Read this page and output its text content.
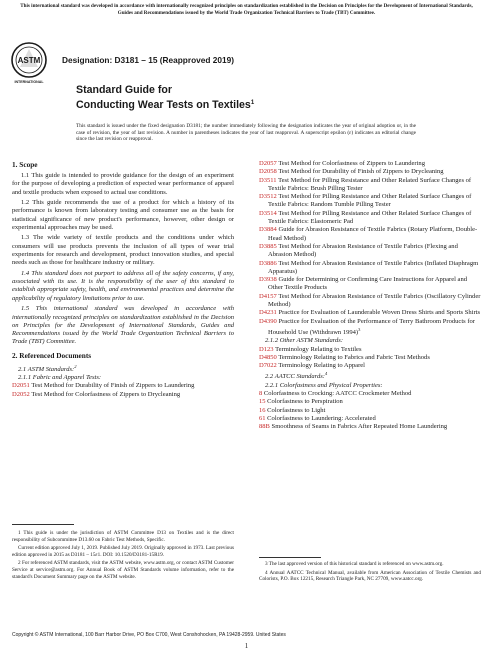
This international standard was developed in accordance with internationally recognized principles on standardization established in the Decision on Principles for the Development of International Standards, Guides and Recommendations issued by the World Trade Organization Technical Barriers to Trade (TBT) Committee.
ASTM
INTERNATIONAL
Designation: D3181 – 15 (Reapproved 2019)
Standard Guide for
Conducting Wear Tests on Textiles$^1$
This standard is issued under the fixed designation D3181; the number immediately following the designation indicates the year of original adoption or, in the case of revision, the year of last revision. A number in parentheses indicates the year of last reapproval. A superscript epsilon (ε) indicates an editorial change since the last revision or reapproval.
1. Scope

1.1 This guide is intended to provide guidance for the design of an experiment for the purpose of developing a prediction of expected wear performance of apparel and textile products when exposed to actual use conditions.

1.2 This guide recommends the use of a product for which a history of its performance is known from laboratory testing and consumer use as the basis for statistical significance of new product's performance, however, other design or experimental approaches may be used.

1.3 The wide variety of textile products and the conditions under which consumers will use products prevents the inclusion of all types of wear trial experiments for research and development, product innovation studies, and special needs such as those for healthcare industry or military.

1.4 This standard does not purport to address all of the safety concerns, if any, associated with its use. It is the responsibility of the user of this standard to establish appropriate safety, health, and environmental practices and determine the applicability of regulatory limitations prior to use.

1.5 This international standard was developed in accordance with internationally recognized principles on standardization established in the Decision on Principles for the Development of International Standards, Guides and Recommendations issued by the World Trade Organization Technical Barriers to Trade (TBT) Committee.

2. Referenced Documents
2.1 ASTM Standards:$^2$
2.1.1 Fabric and Apparel Tests:
D2051 Test Method for Durability of Finish of Zippers to Laundering
D2052 Test Method for Colorfastness of Zippers to Drycleaning

1 This guide is under the jurisdiction of ASTM Committee D13 on Textiles and is the direct responsibility of Subcommittee D13.60 on Fabric Test Methods, Specific.

Current edition approved July 1, 2019. Published July 2019. Originally approved in 1973. Last previous edition approved in 2015 as D3181 – 15ε1. DOI: 10.1520/D3181-15R19.

2 For referenced ASTM standards, visit the ASTM website, www.astm.org, or contact ASTM Customer Service at service@astm.org. For Annual Book of ASTM Standards volume information, refer to the standard's Document Summary page on the ASTM website.

D2057 Test Method for Colorfastness of Zippers to Laundering
D2058 Test Method for Durability of Finish of Zippers to Drycleaning
D3511 Test Method for Pilling Resistance and Other Related Surface Changes of Textile Fabrics: Brush Pilling Tester
D3512 Test Method for Pilling Resistance and Other Related Surface Changes of Textile Fabrics: Random Tumble Pilling Tester
D3514 Test Method for Pilling Resistance and Other Related Surface Changes of Textile Fabrics: Elastomeric Pad
D3884 Guide for Abrasion Resistance of Textile Fabrics (Rotary Platform, Double-Head Method)
D3885 Test Method for Abrasion Resistance of Textile Fabrics (Flexing and Abrasion Method)
D3886 Test Method for Abrasion Resistance of Textile Fabrics (Inflated Diaphragm Apparatus)
D3938 Guide for Determining or Confirming Care Instructions for Apparel and Other Textile Products
D4157 Test Method for Abrasion Resistance of Textile Fabrics (Oscillatory Cylinder Method)
D4231 Practice for Evaluation of Launderable Woven Dress Shirts and Sports Shirts
D4390 Practice for Evaluation of the Performance of Terry Bathroom Products for Household Use (Withdrawn 1994)$^3$
2.1.2 Other ASTM Standards:
D123 Terminology Relating to Textiles
D4850 Terminology Relating to Fabrics and Fabric Test Methods
D7022 Terminology Relating to Apparel
2.2 AATCC Standards:$^4$
2.2.1 Colorfastness and Physical Properties:
8 Colorfastness to Crocking: AATCC Crockmeter Method
15 Colorfastness to Perspiration
16 Colorfastness to Light
61 Colorfastness to Laundering: Accelerated
88B Smoothness of Seams in Fabrics After Repeated Home Laundering

3 The last approved version of this historical standard is referenced on www.astm.org.

4 Annual AATCC Technical Manual, available from American Association of Textile Chemists and Colorists, P.O. Box 12215, Research Triangle Park, NC 27709, www.aatcc.org.

Copyright © ASTM International, 100 Barr Harbor Drive, PO Box C700, West Conshohocken, PA 19428-2959. United States
1
